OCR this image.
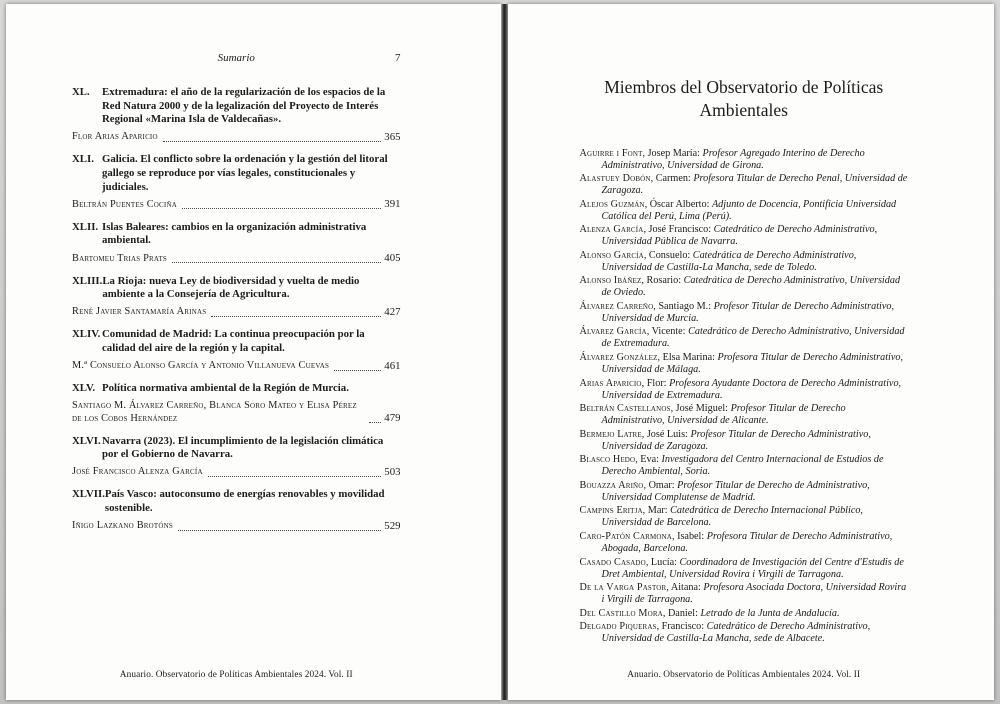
Sumario	7
XL.	Extremadura: el año de la regularización de los espacios de la Red Natura 2000 y de la legalización del Proyecto de Interés Regional «Marina Isla de Valdecañas».
Flor Arias Aparicio	365
XLI. Galicia. El conflicto sobre la ordenación y la gestión del litoral gallego se reproduce por vías legales, constitucionales y judiciales.
Beltrán Puentes Cociña	391
XLII. Islas Baleares: cambios en la organización administrativa ambiental.
Bartomeu Trias Prats	405
XLIII. La Rioja: nueva Ley de biodiversidad y vuelta de medio ambiente a la Consejería de Agricultura.
René Javier Santamaría Arinas	427
XLIV. Comunidad de Madrid: La continua preocupación por la calidad del aire de la región y la capital.
M.ª Consuelo Alonso García y Antonio Villanueva Cuevas	461
XLV. Política normativa ambiental de la Región de Murcia.
Santiago M. Álvarez Carreño, Blanca Soro Mateo y Elisa Pérez de los Cobos Hernández	479
XLVI. Navarra (2023). El incumplimiento de la legislación climática por el Gobierno de Navarra.
José Francisco Alenza García	503
XLVII. País Vasco: autoconsumo de energías renovables y movilidad sostenible.
Iñigo Lazkano Brotóns	529
Anuario. Observatorio de Políticas Ambientales 2024. Vol. II
Miembros del Observatorio de Políticas Ambientales

Aguirre i Font, Josep María: Profesor Agregado Interino de Derecho Administrativo, Universidad de Girona.

Alastuey Dobón, Carmen: Profesora Titular de Derecho Penal, Universidad de Zaragoza.

Alejos Guzmán, Óscar Alberto: Adjunto de Docencia, Pontificia Universidad Católica del Perú, Lima (Perú).

Alenza García, José Francisco: Catedrático de Derecho Administrativo, Universidad Pública de Navarra.

Alonso García, Consuelo: Catedrática de Derecho Administrativo, Universidad de Castilla-La Mancha, sede de Toledo.

Alonso Ibáñez, Rosario: Catedrática de Derecho Administrativo, Universidad de Oviedo.

Álvarez Carreño, Santiago M.: Profesor Titular de Derecho Administrativo, Universidad de Murcia.

Álvarez García, Vicente: Catedrático de Derecho Administrativo, Universidad de Extremadura.

Álvarez González, Elsa Marina: Profesora Titular de Derecho Administrativo, Universidad de Málaga.

Arias Aparicio, Flor: Profesora Ayudante Doctora de Derecho Administrativo, Universidad de Extremadura.

Beltrán Castellanos, José Miguel: Profesor Titular de Derecho Administrativo, Universidad de Alicante.

Bermejo Latre, José Luis: Profesor Titular de Derecho Administrativo, Universidad de Zaragoza.

Blasco Hedo, Eva: Investigadora del Centro Internacional de Estudios de Derecho Ambiental, Soria.

Bouazza Ariño, Omar: Profesor Titular de Derecho de Administrativo, Universidad Complutense de Madrid.

Campins Eritja, Mar: Catedrática de Derecho Internacional Público, Universidad de Barcelona.

Caro-Patón Carmona, Isabel: Profesora Titular de Derecho Administrativo, Abogada, Barcelona.

Casado Casado, Lucía: Coordinadora de Investigación del Centre d'Estudis de Dret Ambiental, Universidad Rovira i Virgili de Tarragona.

De la Varga Pastor, Aitana: Profesora Asociada Doctora, Universidad Rovira i Virgili de Tarragona.

Del Castillo Mora, Daniel: Letrado de la Junta de Andalucía.

Delgado Piqueras, Francisco: Catedrático de Derecho Administrativo, Universidad de Castilla-La Mancha, sede de Albacete.

Anuario. Observatorio de Políticas Ambientales 2024. Vol. II
